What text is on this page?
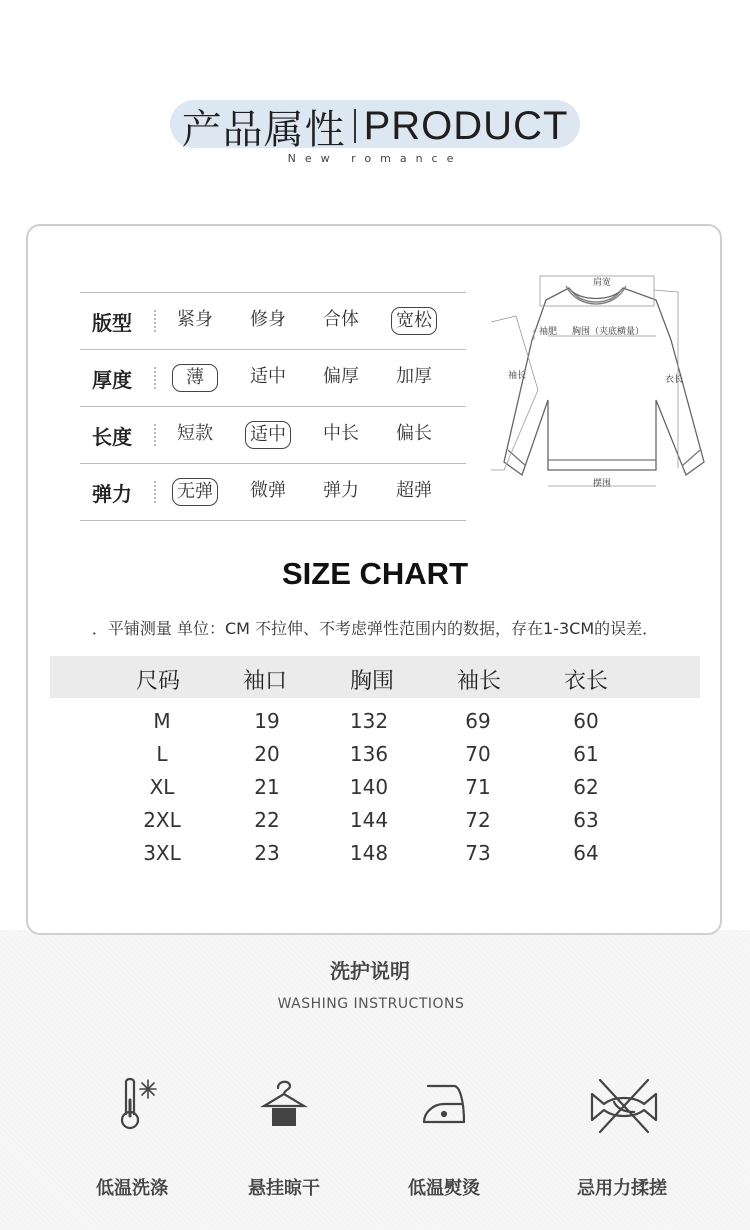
产品属性 PRODUCT
New romance
版型	紧身 修身 合体 宽松
厚度	薄	适中 偏厚 加厚
长度	短款 适中 中长 偏长
弹力	无弹 微弹 弹力 超弹
肩宽
袖肥 胸围（夹底横量）
袖长	衣长
摆围
SIZE CHART
．平铺测量 单位：CM 不拉伸、不考虑弹性范围内的数据，存在1-3CM的误差．
尺码	袖口	胸围	袖长	衣长
M	19	132	69	60
L	20	136	70	61
XL	21	140	71	62
2XL	22	144	72	63
3XL	23	148	73	64
洗护说明
WASHING INSTRUCTIONS
低温洗涤	悬挂晾干	低温熨烫	忌用力揉搓
